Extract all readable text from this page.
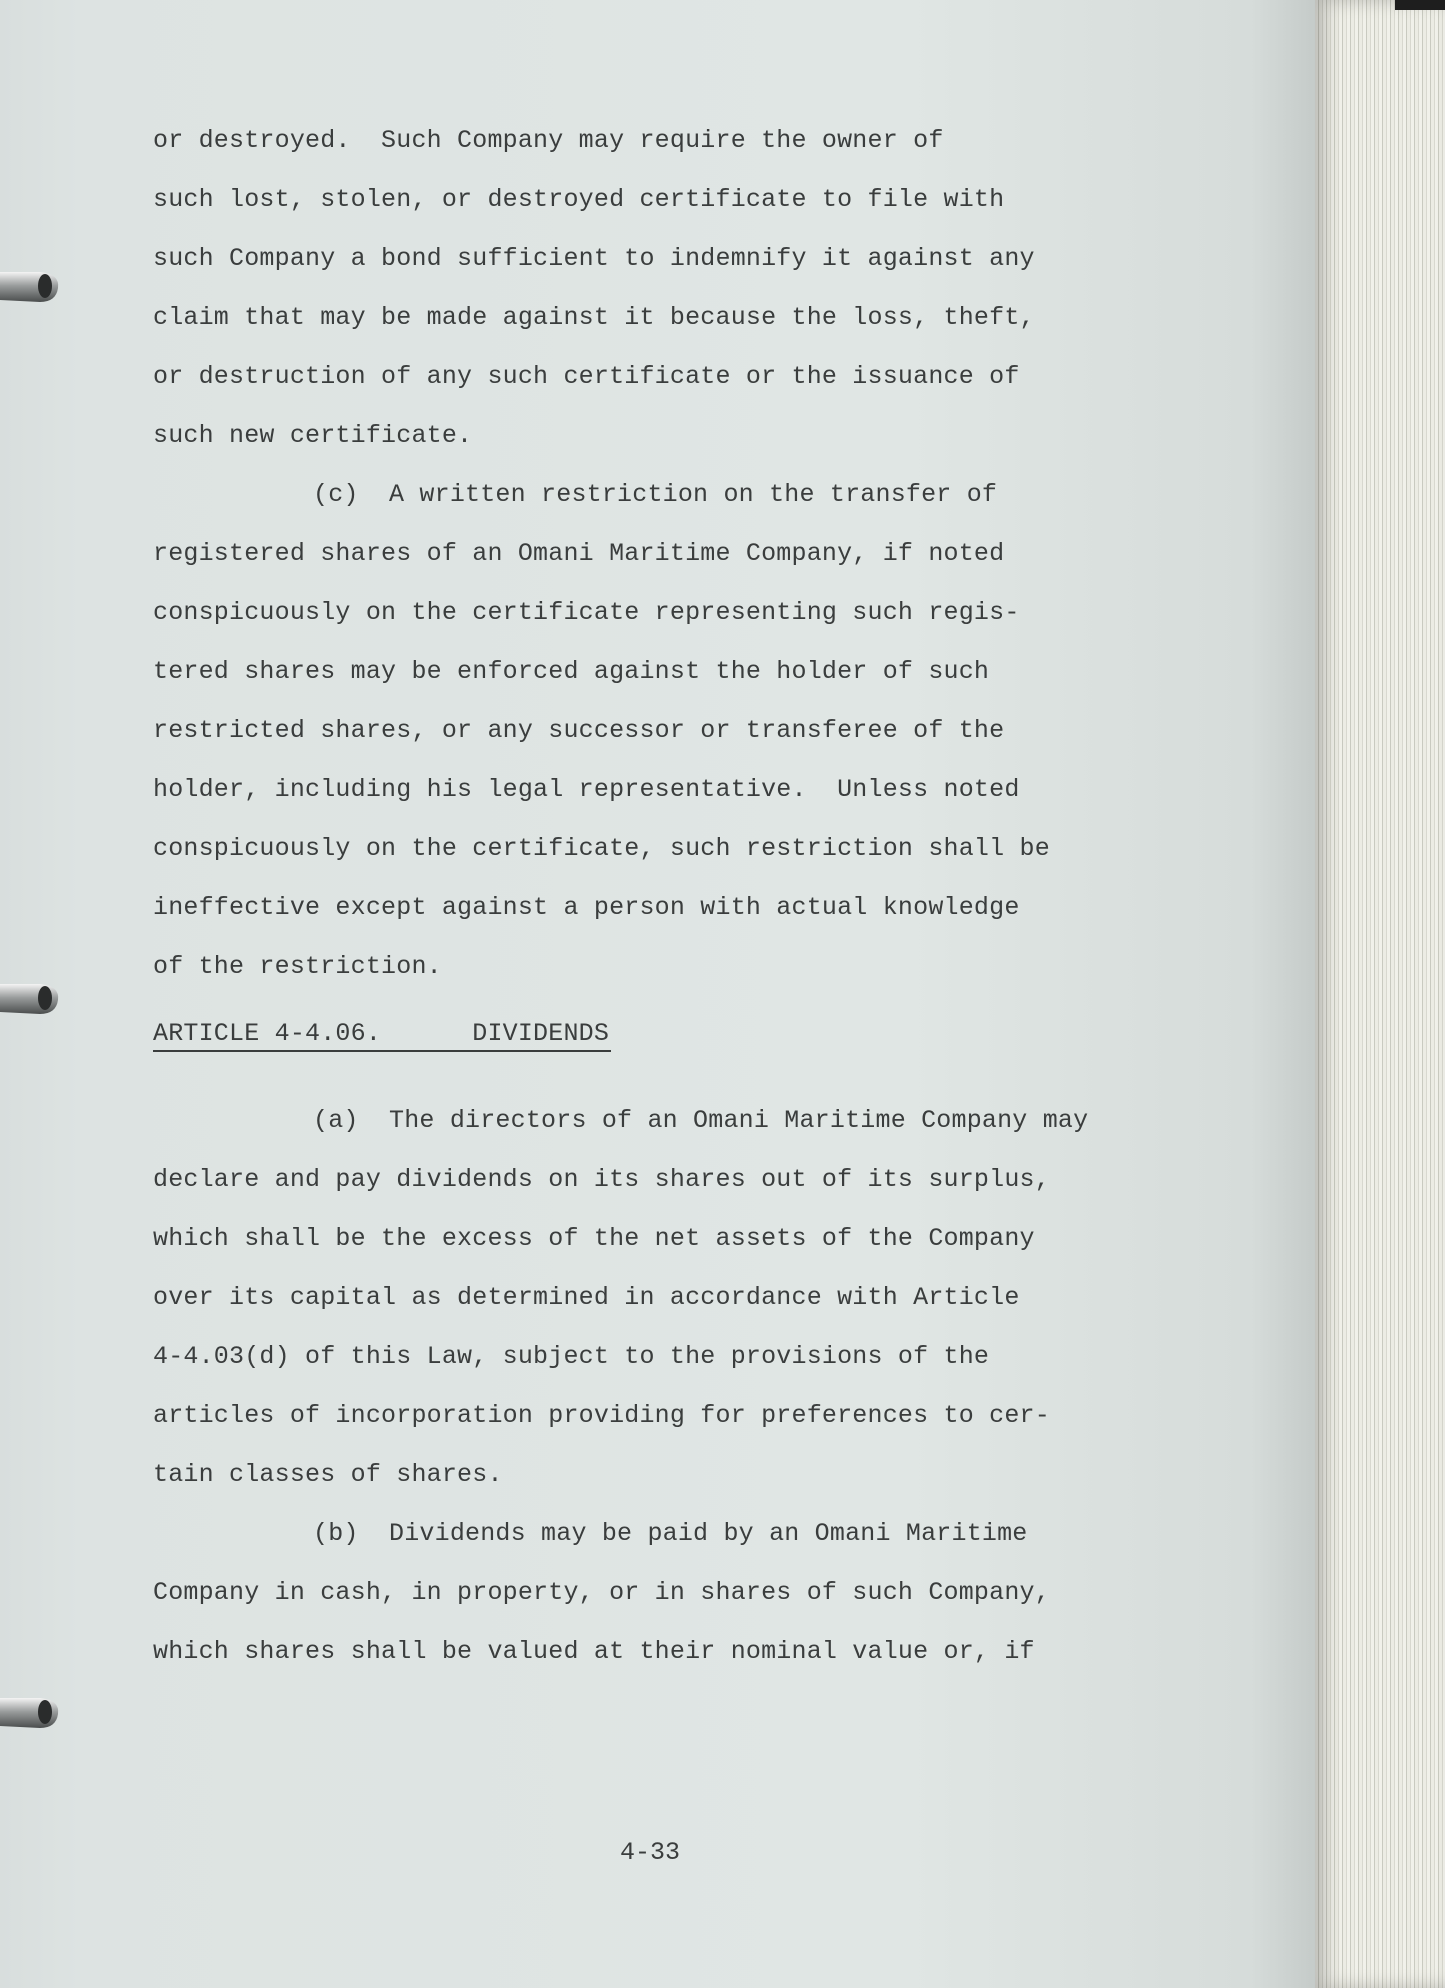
or destroyed.  Such Company may require the owner of
such lost, stolen, or destroyed certificate to file with
such Company a bond sufficient to indemnify it against any
claim that may be made against it because the loss, theft,
or destruction of any such certificate or the issuance of
such new certificate.
(c)  A written restriction on the transfer of
registered shares of an Omani Maritime Company, if noted
conspicuously on the certificate representing such regis-
tered shares may be enforced against the holder of such
restricted shares, or any successor or transferee of the
holder, including his legal representative.  Unless noted
conspicuously on the certificate, such restriction shall be
ineffective except against a person with actual knowledge
of the restriction.
ARTICLE 4-4.06.      DIVIDENDS
(a)  The directors of an Omani Maritime Company may
declare and pay dividends on its shares out of its surplus,
which shall be the excess of the net assets of the Company
over its capital as determined in accordance with Article
4-4.03(d) of this Law, subject to the provisions of the
articles of incorporation providing for preferences to cer-
tain classes of shares.
(b)  Dividends may be paid by an Omani Maritime
Company in cash, in property, or in shares of such Company,
which shares shall be valued at their nominal value or, if
4-33
